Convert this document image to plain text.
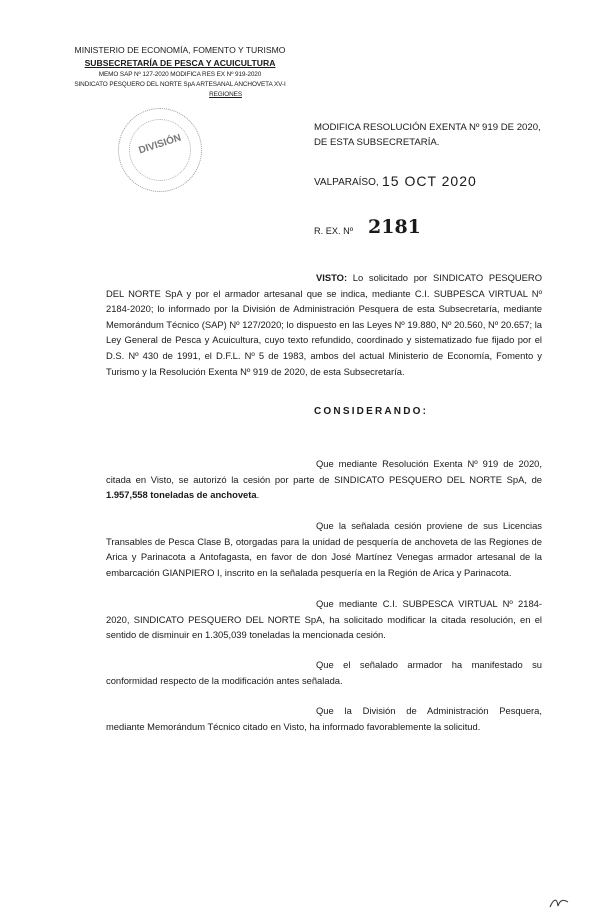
MINISTERIO DE ECONOMÍA, FOMENTO Y TURISMO
SUBSECRETARÍA DE PESCA Y ACUICULTURA
MEMO SAP Nº 127-2020 MODIFICA RES EX Nº 919-2020
SINDICATO PESQUERO DEL NORTE SpA ARTESANAL ANCHOVETA XV-I
REGIONES
DIVISIÓN
MODIFICA RESOLUCIÓN EXENTA Nº 919 DE 2020, DE ESTA SUBSECRETARÍA.
VALPARAÍSO, 15 OCT 2020
R. EX. Nº 2181

VISTO: Lo solicitado por SINDICATO PESQUERO DEL NORTE SpA y por el armador artesanal que se indica, mediante C.I. SUBPESCA VIRTUAL Nº 2184-2020; lo informado por la División de Administración Pesquera de esta Subsecretaría, mediante Memorándum Técnico (SAP) Nº 127/2020; lo dispuesto en las Leyes Nº 19.880, Nº 20.560, Nº 20.657; la Ley General de Pesca y Acuicultura, cuyo texto refundido, coordinado y sistematizado fue fijado por el D.S. Nº 430 de 1991, el D.F.L. Nº 5 de 1983, ambos del actual Ministerio de Economía, Fomento y Turismo y la Resolución Exenta Nº 919 de 2020, de esta Subsecretaría.

CONSIDERANDO:

Que mediante Resolución Exenta Nº 919 de 2020, citada en Visto, se autorizó la cesión por parte de SINDICATO PESQUERO DEL NORTE SpA, de 1.957,558 toneladas de anchoveta.

Que la señalada cesión proviene de sus Licencias Transables de Pesca Clase B, otorgadas para la unidad de pesquería de anchoveta de las Regiones de Arica y Parinacota a Antofagasta, en favor de don José Martínez Venegas armador artesanal de la embarcación GIANPIERO I, inscrito en la señalada pesquería en la Región de Arica y Parinacota.

Que mediante C.I. SUBPESCA VIRTUAL Nº 2184-2020, SINDICATO PESQUERO DEL NORTE SpA, ha solicitado modificar la citada resolución, en el sentido de disminuir en 1.305,039 toneladas la mencionada cesión.

Que el señalado armador ha manifestado su conformidad respecto de la modificación antes señalada.

Que la División de Administración Pesquera, mediante Memorándum Técnico citado en Visto, ha informado favorablemente la solicitud.
